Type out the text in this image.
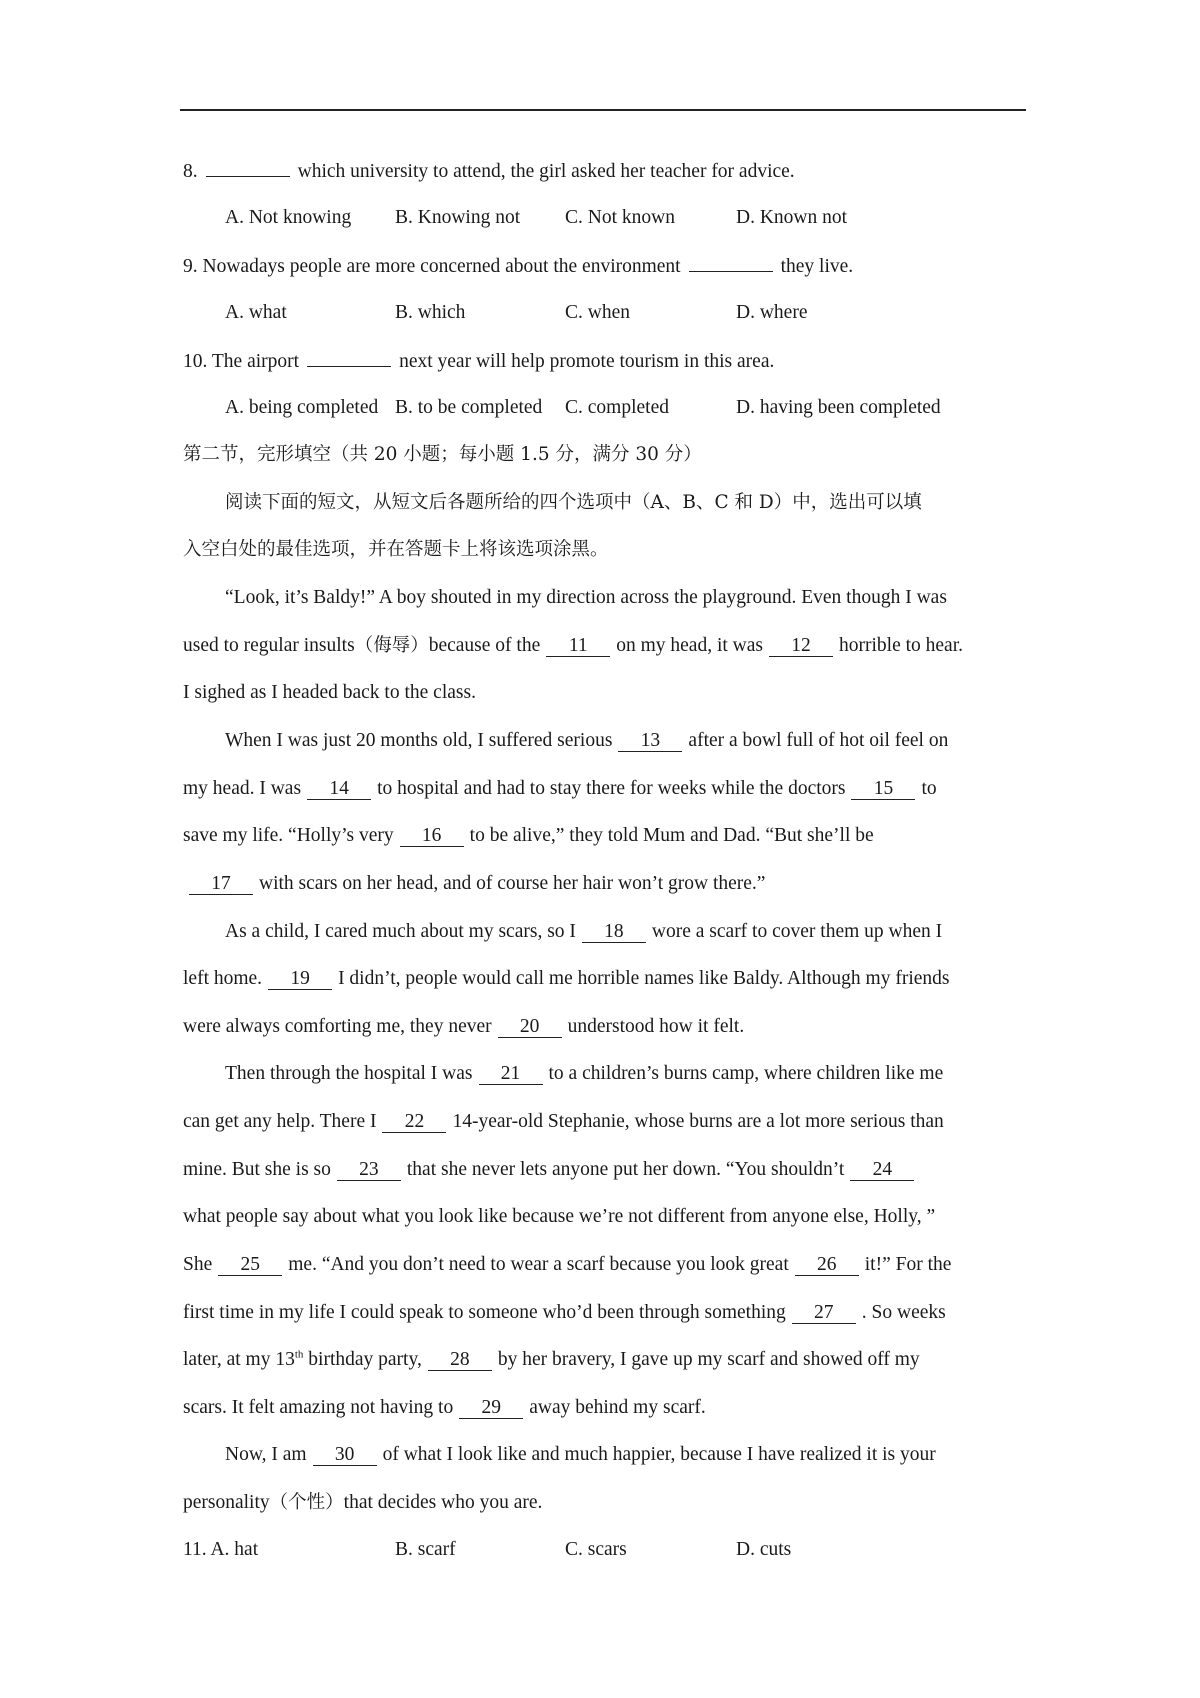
8.	which university to attend, the girl asked her teacher for advice.
A. Not knowing B. Knowing not C. Not known	D. Known not
9. Nowadays people are more concerned about the environment	they live.
A. what	B. which	C. when	D. where
10. The airport	next year will help promote tourism in this area.
A. being completed B. to be completed C. completed	D. having been completed
第二节，完形填空（共 20 小题；每小题 1.5 分，满分 30 分）
阅读下面的短文，从短文后各题所给的四个选项中（A、B、C 和 D）中，选出可以填
入空白处的最佳选项，并在答题卡上将该选项涂黑。
“Look, it’s Baldy!” A boy shouted in my direction across the playground. Even though I was
used to regular insults（侮辱）because of the 11 on my head, it was 12 horrible to hear.
I sighed as I headed back to the class.
When I was just 20 months old, I suffered serious 13 after a bowl full of hot oil feel on
my head. I was 14 to hospital and had to stay there for weeks while the doctors 15 to
save my life. “Holly’s very 16 to be alive,” they told Mum and Dad. “But she’ll be
17 with scars on her head, and of course her hair won’t grow there.”
As a child, I cared much about my scars, so I 18 wore a scarf to cover them up when I
left home. 19 I didn’t, people would call me horrible names like Baldy. Although my friends
were always comforting me, they never 20 understood how it felt.
Then through the hospital I was 21 to a children’s burns camp, where children like me
can get any help. There I 22 14-year-old Stephanie, whose burns are a lot more serious than
mine. But she is so 23 that she never lets anyone put her down. “You shouldn’t 24
what people say about what you look like because we’re not different from anyone else, Holly, ”
She 25 me. “And you don’t need to wear a scarf because you look great 26 it!” For the
first time in my life I could speak to someone who’d been through something 27 . So weeks
later, at my 13th birthday party, 28 by her bravery, I gave up my scarf and showed off my
scars. It felt amazing not having to 29 away behind my scarf.
Now, I am 30 of what I look like and much happier, because I have realized it is your
personality（个性）that decides who you are.
11. A. hat	B. scarf	C. scars	D. cuts
